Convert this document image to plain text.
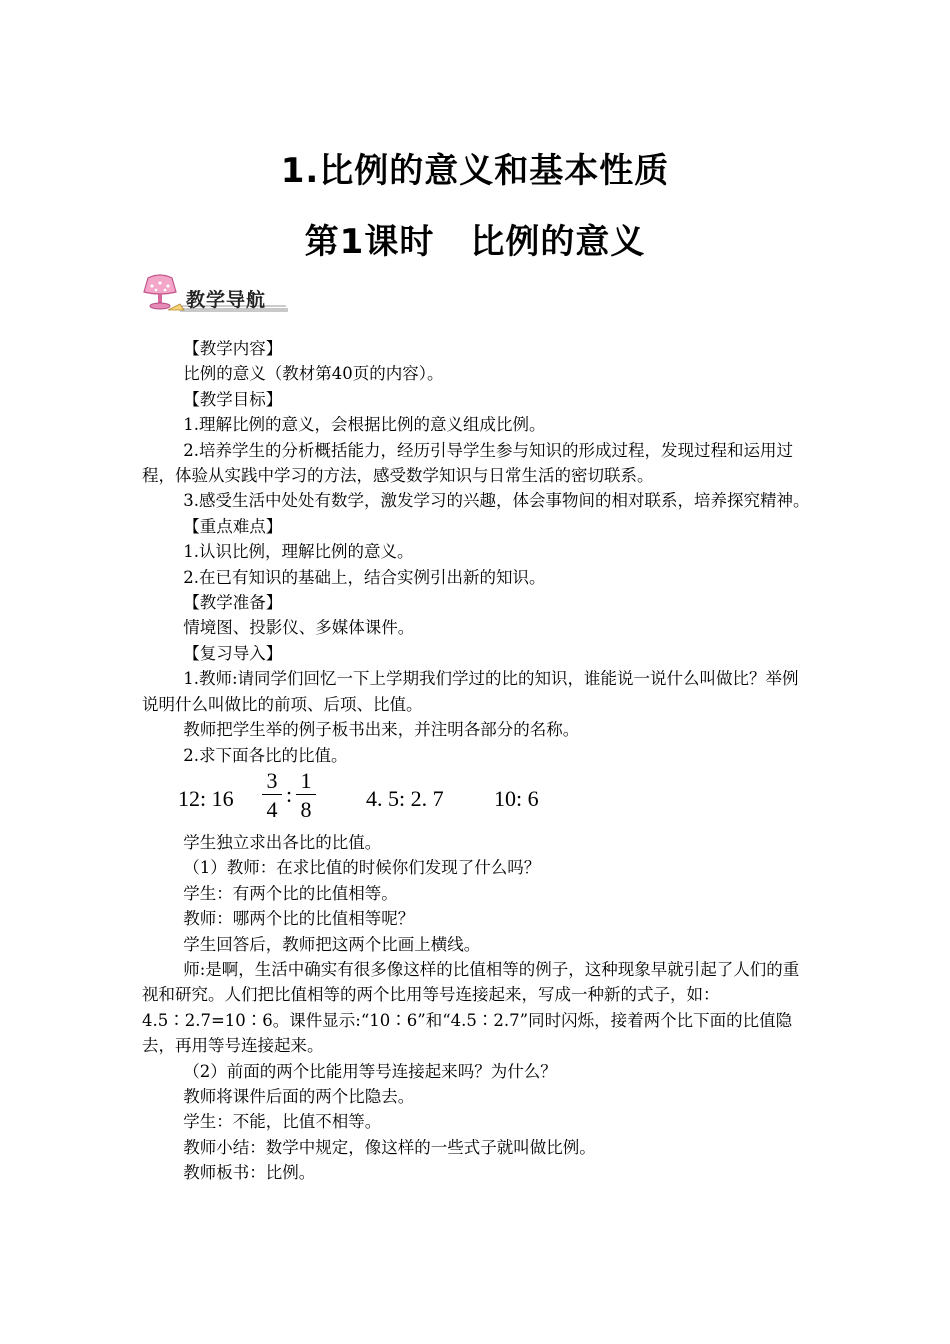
1.比例的意义和基本性质
第1课时 比例的意义
教学导航

【教学内容】

比例的意义（教材第40页的内容）。

【教学目标】

1.理解比例的意义，会根据比例的意义组成比例。

2.培养学生的分析概括能力，经历引导学生参与知识的形成过程，发现过程和运用过程，体验从实践中学习的方法，感受数学知识与日常生活的密切联系。

3.感受生活中处处有数学，激发学习的兴趣，体会事物间的相对联系，培养探究精神。

【重点难点】

1.认识比例，理解比例的意义。

2.在已有知识的基础上，结合实例引出新的知识。

【教学准备】

情境图、投影仪、多媒体课件。

【复习导入】

1.教师:请同学们回忆一下上学期我们学过的比的知识，谁能说一说什么叫做比？举例说明什么叫做比的前项、后项、比值。

教师把学生举的例子板书出来，并注明各部分的名称。

2.求下面各比的比值。

12: 16
3
4
:
1
8 4. 5: 2. 7 10: 6

学生独立求出各比的比值。

（1）教师：在求比值的时候你们发现了什么吗？

学生：有两个比的比值相等。

教师：哪两个比的比值相等呢？

学生回答后，教师把这两个比画上横线。

师:是啊，生活中确实有很多像这样的比值相等的例子，这种现象早就引起了人们的重视和研究。人们把比值相等的两个比用等号连接起来，写成一种新的式子，如：4.5∶2.7=10∶6。课件显示:“10∶6”和“4.5∶2.7”同时闪烁，接着两个比下面的比值隐去，再用等号连接起来。

（2）前面的两个比能用等号连接起来吗？为什么？

教师将课件后面的两个比隐去。

学生：不能，比值不相等。

教师小结：数学中规定，像这样的一些式子就叫做比例。

教师板书：比例。
